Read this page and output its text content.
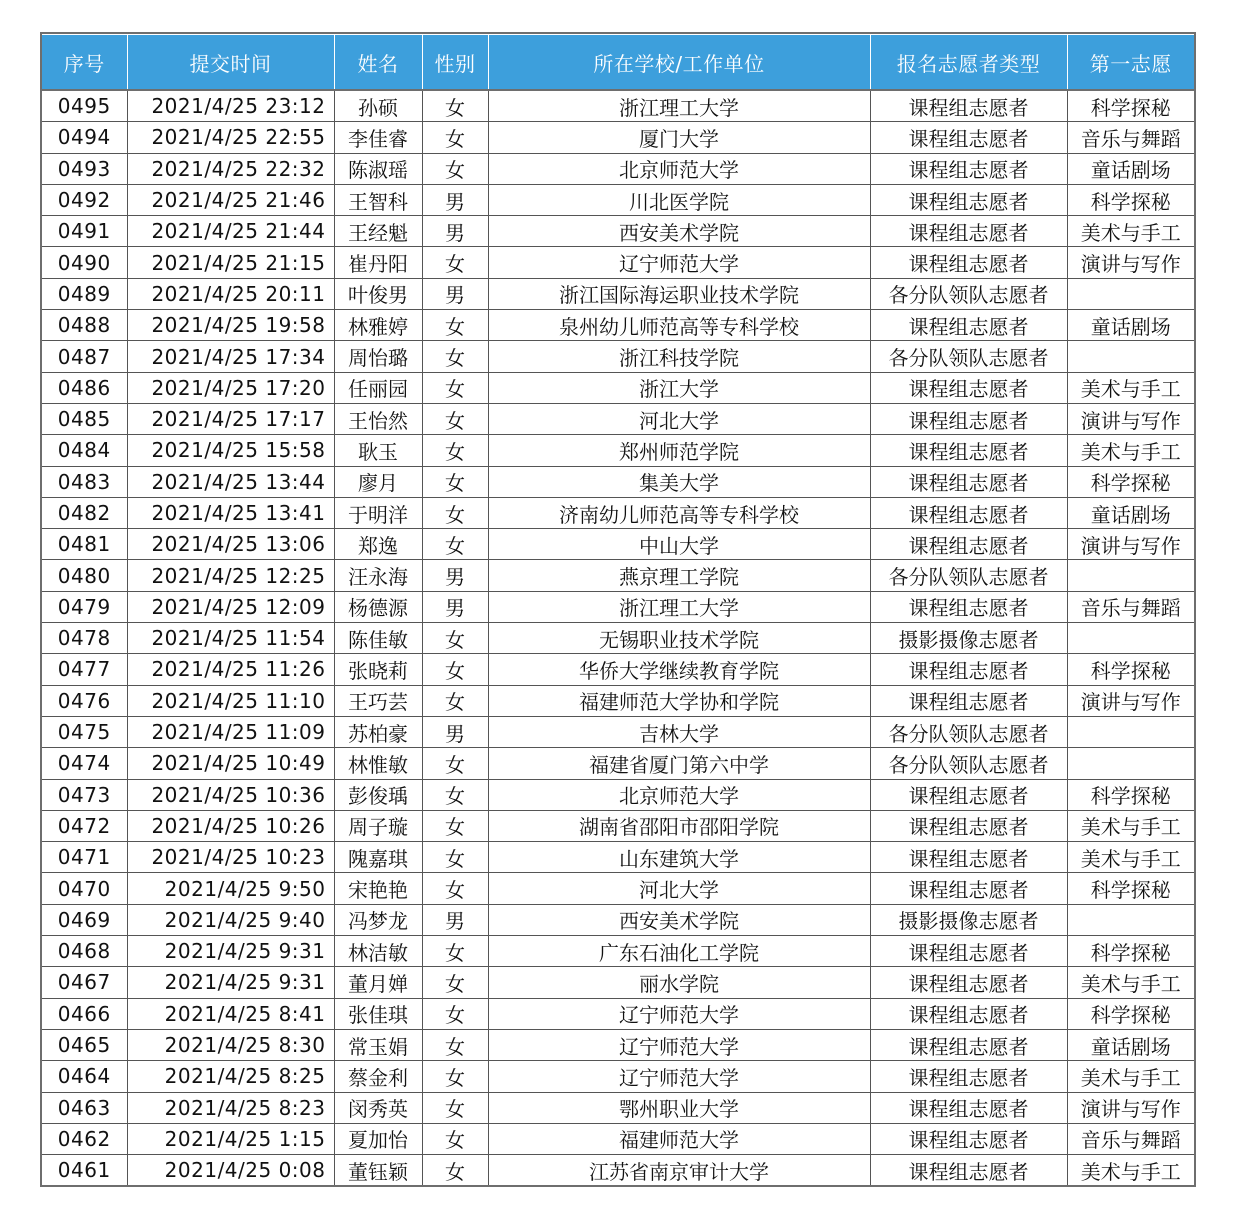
序号	提交时间	姓名	性别	所在学校/工作单位	报名志愿者类型	第一志愿
0495	2021/4/25 23:12	孙硕	女	浙江理工大学	课程组志愿者	科学探秘
0494	2021/4/25 22:55	李佳睿	女	厦门大学	课程组志愿者	音乐与舞蹈
0493	2021/4/25 22:32	陈淑瑶	女	北京师范大学	课程组志愿者	童话剧场
0492	2021/4/25 21:46	王智科	男	川北医学院	课程组志愿者	科学探秘
0491	2021/4/25 21:44	王经魁	男	西安美术学院	课程组志愿者	美术与手工
0490	2021/4/25 21:15	崔丹阳	女	辽宁师范大学	课程组志愿者	演讲与写作
0489	2021/4/25 20:11	叶俊男	男	浙江国际海运职业技术学院	各分队领队志愿者	
0488	2021/4/25 19:58	林雅婷	女	泉州幼儿师范高等专科学校	课程组志愿者	童话剧场
0487	2021/4/25 17:34	周怡璐	女	浙江科技学院	各分队领队志愿者	
0486	2021/4/25 17:20	任丽园	女	浙江大学	课程组志愿者	美术与手工
0485	2021/4/25 17:17	王怡然	女	河北大学	课程组志愿者	演讲与写作
0484	2021/4/25 15:58	耿玉	女	郑州师范学院	课程组志愿者	美术与手工
0483	2021/4/25 13:44	廖月	女	集美大学	课程组志愿者	科学探秘
0482	2021/4/25 13:41	于明洋	女	济南幼儿师范高等专科学校	课程组志愿者	童话剧场
0481	2021/4/25 13:06	郑逸	女	中山大学	课程组志愿者	演讲与写作
0480	2021/4/25 12:25	汪永海	男	燕京理工学院	各分队领队志愿者	
0479	2021/4/25 12:09	杨德源	男	浙江理工大学	课程组志愿者	音乐与舞蹈
0478	2021/4/25 11:54	陈佳敏	女	无锡职业技术学院	摄影摄像志愿者	
0477	2021/4/25 11:26	张晓莉	女	华侨大学继续教育学院	课程组志愿者	科学探秘
0476	2021/4/25 11:10	王巧芸	女	福建师范大学协和学院	课程组志愿者	演讲与写作
0475	2021/4/25 11:09	苏柏豪	男	吉林大学	各分队领队志愿者	
0474	2021/4/25 10:49	林惟敏	女	福建省厦门第六中学	各分队领队志愿者	
0473	2021/4/25 10:36	彭俊瑀	女	北京师范大学	课程组志愿者	科学探秘
0472	2021/4/25 10:26	周子璇	女	湖南省邵阳市邵阳学院	课程组志愿者	美术与手工
0471	2021/4/25 10:23	隗嘉琪	女	山东建筑大学	课程组志愿者	美术与手工
0470	2021/4/25 9:50	宋艳艳	女	河北大学	课程组志愿者	科学探秘
0469	2021/4/25 9:40	冯梦龙	男	西安美术学院	摄影摄像志愿者	
0468	2021/4/25 9:31	林洁敏	女	广东石油化工学院	课程组志愿者	科学探秘
0467	2021/4/25 9:31	董月婵	女	丽水学院	课程组志愿者	美术与手工
0466	2021/4/25 8:41	张佳琪	女	辽宁师范大学	课程组志愿者	科学探秘
0465	2021/4/25 8:30	常玉娟	女	辽宁师范大学	课程组志愿者	童话剧场
0464	2021/4/25 8:25	蔡金利	女	辽宁师范大学	课程组志愿者	美术与手工
0463	2021/4/25 8:23	闵秀英	女	鄂州职业大学	课程组志愿者	演讲与写作
0462	2021/4/25 1:15	夏加怡	女	福建师范大学	课程组志愿者	音乐与舞蹈
0461	2021/4/25 0:08	董钰颖	女	江苏省南京审计大学	课程组志愿者	美术与手工
